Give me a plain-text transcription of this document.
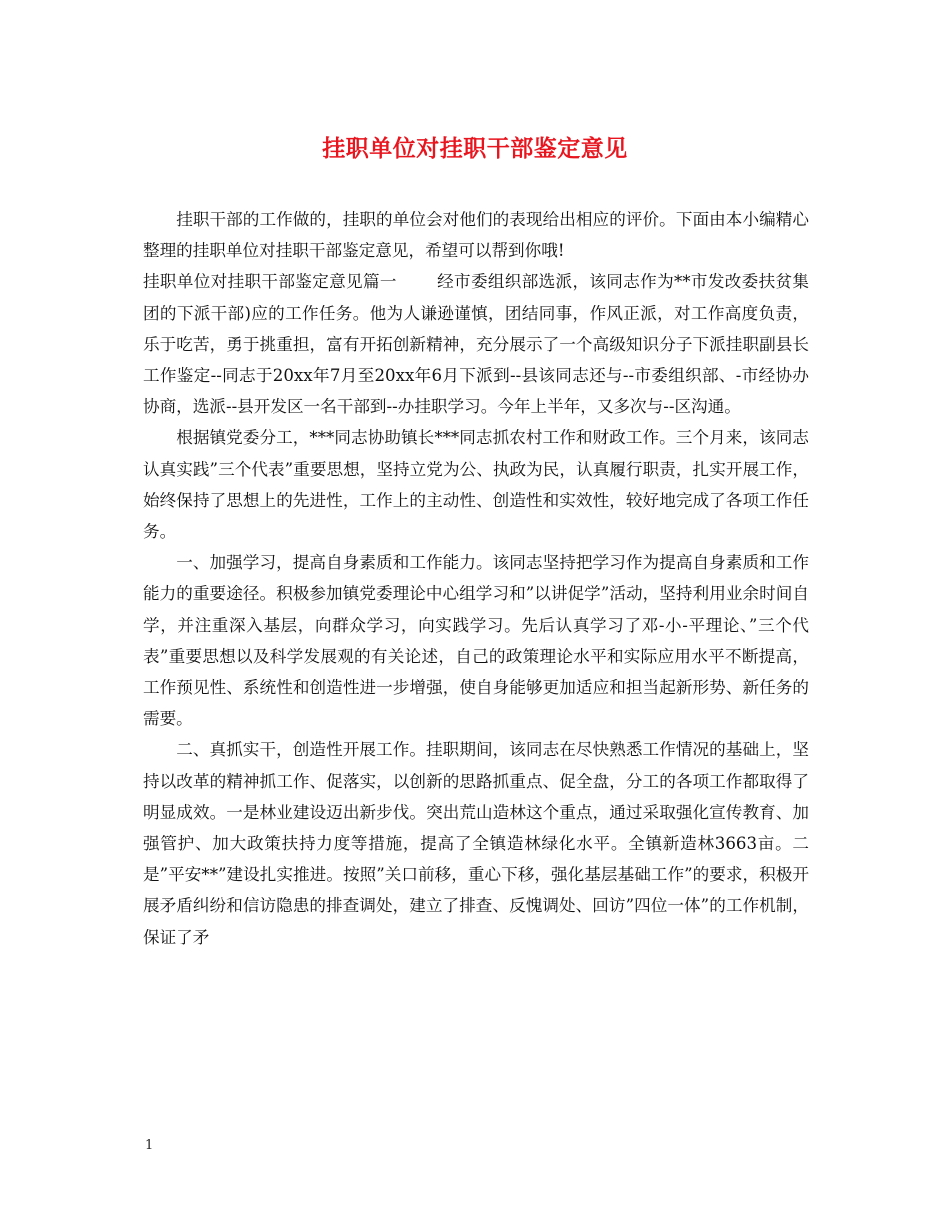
挂职单位对挂职干部鉴定意见

挂职干部的工作做的，挂职的单位会对他们的表现给出相应的评价。下面由本小编精心整理的挂职单位对挂职干部鉴定意见，希望可以帮到你哦!

挂职单位对挂职干部鉴定意见篇一 经市委组织部选派，该同志作为**市发改委扶贫集团的下派干部)应的工作任务。他为人谦逊谨慎，团结同事，作风正派，对工作高度负责，乐于吃苦，勇于挑重担，富有开拓创新精神，充分展示了一个高级知识分子下派挂职副县长工作鉴定--同志于20xx年7月至20xx年6月下派到--县该同志还与--市委组织部、-市经协办协商，选派--县开发区一名干部到--办挂职学习。今年上半年，又多次与--区沟通。

根据镇党委分工，***同志协助镇长***同志抓农村工作和财政工作。三个月来，该同志认真实践”三个代表”重要思想，坚持立党为公、执政为民，认真履行职责，扎实开展工作，始终保持了思想上的先进性，工作上的主动性、创造性和实效性，较好地完成了各项工作任务。

一、加强学习，提高自身素质和工作能力。该同志坚持把学习作为提高自身素质和工作能力的重要途径。积极参加镇党委理论中心组学习和”以讲促学”活动，坚持利用业余时间自学，并注重深入基层，向群众学习，向实践学习。先后认真学习了邓-小-平理论、”三个代表”重要思想以及科学发展观的有关论述，自己的政策理论水平和实际应用水平不断提高，工作预见性、系统性和创造性进一步增强，使自身能够更加适应和担当起新形势、新任务的需要。

二、真抓实干，创造性开展工作。挂职期间，该同志在尽快熟悉工作情况的基础上，坚持以改革的精神抓工作、促落实，以创新的思路抓重点、促全盘，分工的各项工作都取得了明显成效。一是林业建设迈出新步伐。突出荒山造林这个重点，通过采取强化宣传教育、加强管护、加大政策扶持力度等措施，提高了全镇造林绿化水平。全镇新造林3663亩。二是”平安**”建设扎实推进。按照”关口前移，重心下移，强化基层基础工作”的要求，积极开展矛盾纠纷和信访隐患的排查调处，建立了排查、反愧调处、回访”四位一体”的工作机制，保证了矛

1
